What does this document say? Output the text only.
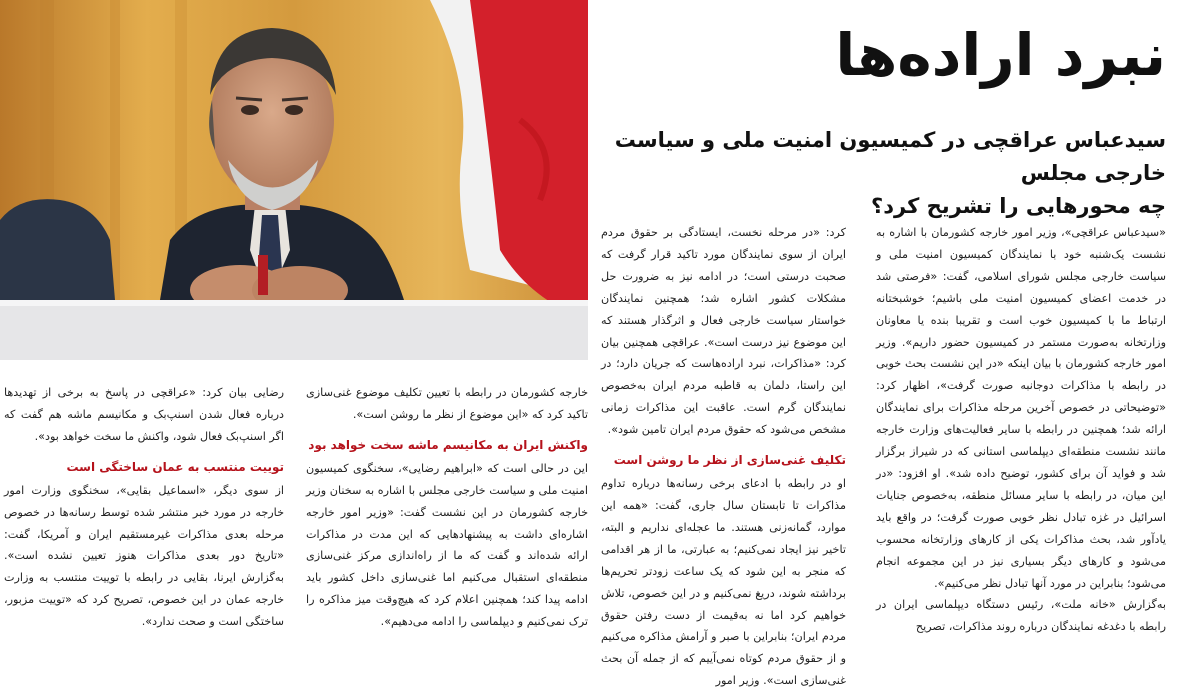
نبرد اراده‌ها
سیدعباس عراقچی در کمیسیون امنیت ملی و سیاست خارجی مجلس
چه محورهایی را تشریح کرد؟

«سیدعباس عراقچی»، وزیر امور خارجه کشورمان با اشاره به نشست یک‌شنبه خود با نمایندگان کمیسیون امنیت ملی و سیاست خارجی مجلس شورای اسلامی، گفت: «فرصتی شد در خدمت اعضای کمیسیون امنیت ملی باشیم؛ خوشبختانه ارتباط ما با کمیسیون خوب است و تقریبا بنده یا معاونان وزارتخانه به‌صورت مستمر در کمیسیون حضور داریم». وزیر امور خارجه کشورمان با بیان اینکه «در این نشست بحث خوبی در رابطه با مذاکرات دوجانبه صورت گرفت»، اظهار کرد: «توضیحاتی در خصوص آخرین مرحله مذاکرات برای نمایندگان ارائه شد؛ همچنین در رابطه با سایر فعالیت‌های وزارت خارجه مانند نشست منطقه‌ای دیپلماسی استانی که در شیراز برگزار شد و فواید آن برای کشور، توضیح داده شد». او افزود: «در این میان، در رابطه با سایر مسائل منطقه، به‌خصوص جنایات اسرائیل در غزه تبادل نظر خوبی صورت گرفت؛ در واقع باید یادآور شد، بحث مذاکرات یکی از کارهای وزارتخانه محسوب می‌شود و کارهای دیگر بسیاری نیز در این مجموعه انجام می‌شود؛ بنابراین در مورد آنها تبادل نظر می‌کنیم».

به‌گزارش «خانه ملت»، رئیس دستگاه دیپلماسی ایران در رابطه با دغدغه نمایندگان درباره روند مذاکرات، تصریح

کرد: «در مرحله نخست، ایستادگی بر حقوق مردم ایران از سوی نمایندگان مورد تاکید قرار گرفت که صحبت درستی است؛ در ادامه نیز به ضرورت حل مشکلات کشور اشاره شد؛ همچنین نمایندگان خواستار سیاست خارجی فعال و اثرگذار هستند که این موضوع نیز درست است». عراقچی همچنین بیان کرد: «مذاکرات، نبرد اراده‌هاست که جریان دارد؛ در این راستا، دلمان به قاطبه مردم ایران به‌خصوص نمایندگان گرم است. عاقبت این مذاکرات زمانی مشخص می‌شود که حقوق مردم ایران تامین شود».

تکلیف غنی‌سازی از نظر ما روشن است

او در رابطه با ادعای برخی رسانه‌ها درباره تداوم مذاکرات تا تابستان سال جاری، گفت: «همه این موارد، گمانه‌زنی هستند. ما عجله‌ای نداریم و البته، تاخیر نیز ایجاد نمی‌کنیم؛ به عبارتی، ما از هر اقدامی که منجر به این شود که یک ساعت زودتر تحریم‌ها برداشته شوند، دریغ نمی‌کنیم و در این خصوص، تلاش خواهیم کرد اما نه به‌قیمت از دست رفتن حقوق مردم ایران؛ بنابراین با صبر و آرامش مذاکره می‌کنیم و از حقوق مردم کوتاه نمی‌آییم که از جمله آن بحث غنی‌سازی است». وزیر امور

خارجه کشورمان در رابطه با تعیین تکلیف موضوع غنی‌سازی تاکید کرد که «این موضوع از نظر ما روشن است».

واکنش ایران به مکانیسم ماشه سخت خواهد بود

این در حالی است که «ابراهیم رضایی»، سخنگوی کمیسیون امنیت ملی و سیاست خارجی مجلس با اشاره به سخنان وزیر خارجه کشورمان در این نشست گفت: «وزیر امور خارجه اشاره‌ای داشت به پیشنهادهایی که این مدت در مذاکرات ارائه شده‌اند و گفت که ما از راه‌اندازی مرکز غنی‌سازی منطقه‌ای استقبال می‌کنیم اما غنی‌سازی داخل کشور باید ادامه پیدا کند؛ همچنین اعلام کرد که هیچ‌وقت میز مذاکره را ترک نمی‌کنیم و دیپلماسی را ادامه می‌دهیم».

رضایی بیان کرد: «عراقچی در پاسخ به برخی از تهدیدها درباره فعال شدن اسنپ‌بک و مکانیسم ماشه هم گفت که اگر اسنپ‌بک فعال شود، واکنش ما سخت خواهد بود».

توییت منتسب به عمان ساختگی است

از سوی دیگر، «اسماعیل بقایی»، سخنگوی وزارت امور خارجه در مورد خبر منتشر شده توسط رسانه‌ها در خصوص مرحله بعدی مذاکرات غیرمستقیم ایران و آمریکا، گفت: «تاریخ دور بعدی مذاکرات هنوز تعیین نشده است». به‌گزارش ایرنا، بقایی در رابطه با توییت منتسب به وزارت خارجه عمان در این خصوص، تصریح کرد که «توییت مزبور، ساختگی است و صحت ندارد».
